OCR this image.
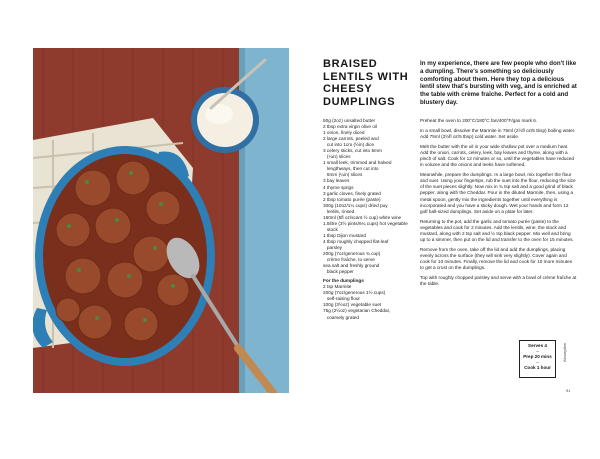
BRAISED LENTILS WITH CHEESY DUMPLINGS
In my experience, there are few people who don't like a dumpling. There's something so deliciously comforting about them. Here they top a delicious lentil stew that's bursting with veg, and is enriched at the table with crème fraîche. Perfect for a cold and blustery day.
50g (2oz) unsalted butter
2 tbsp extra virgin olive oil
1 onion, finely diced
2 large carrots, peeled and
cut into 1cm (½in) dice
3 celery sticks, cut into 5mm
(¼in) slices
1 small leek, trimmed and halved
lengthways, then cut into
5mm (¼in) slices
3 bay leaves
4 thyme sprigs
3 garlic cloves, finely grated
2 tbsp tomato purée (paste)
300g (10oz/1¼ cups) dried puy
lentils, rinsed
150ml (5fl oz/scant ½ cup) white wine
1.5litre (3½ pints/6¼ cups) hot vegetable
stock
1 tbsp Dijon mustard
4 tbsp roughly chopped flat-leaf
parsley
200g (7oz/generous ¾ cup)
crème fraîche, to serve
sea salt and freshly ground
black pepper
For the dumplings
2 tsp Marmite
200g (7oz/generous 1½ cups)
self-raising flour
100g (3½oz) vegetable suet
75g (2½oz) vegetarian Cheddar,
coarsely grated

Preheat the oven to 200°C/180°C fan/400°F/gas mark 6.

In a small bowl, dissolve the Marmite in 75ml (2½fl oz/5 tbsp) boiling water. Add 75ml (2½fl oz/5 tbsp) cold water. Set aside.

Melt the butter with the oil in your wide shallow pot over a medium heat. Add the onion, carrots, celery, leek, bay leaves and thyme, along with a pinch of salt. Cook for 12 minutes or so, until the vegetables have reduced in volume and the onions and leeks have softened.

Meanwhile, prepare the dumplings. In a large bowl, mix together the flour and suet. Using your fingertips, rub the suet into the flour, reducing the size of the suet pieces slightly. Now mix in ¾ tsp salt and a good grind of black pepper, along with the Cheddar. Pour in the diluted Marmite, then, using a metal spoon, gently mix the ingredients together until everything is incorporated and you have a sticky dough. Wet your hands and form 12 golf ball-sized dumplings. Set aside on a plate for later.

Returning to the pot, add the garlic and tomato purée (paste) to the vegetables and cook for 2 minutes. Add the lentils, wine, the stock and mustard, along with 2 tsp salt and ½ tsp black pepper. Mix well and bring up to a simmer, then put on the lid and transfer to the oven for 15 minutes.

Remove from the oven, take off the lid and add the dumplings, placing evenly across the surface (they will sink very slightly). Cover again and cook for 10 minutes. Finally, remove the lid and cook for 10 more minutes to get a crust on the dumplings.

Top with roughly chopped parsley and serve with a bowl of crème fraîche at the table.

Serves 4
–
Prep 20 mins
–
Cook 1 hour
Absorption
91
